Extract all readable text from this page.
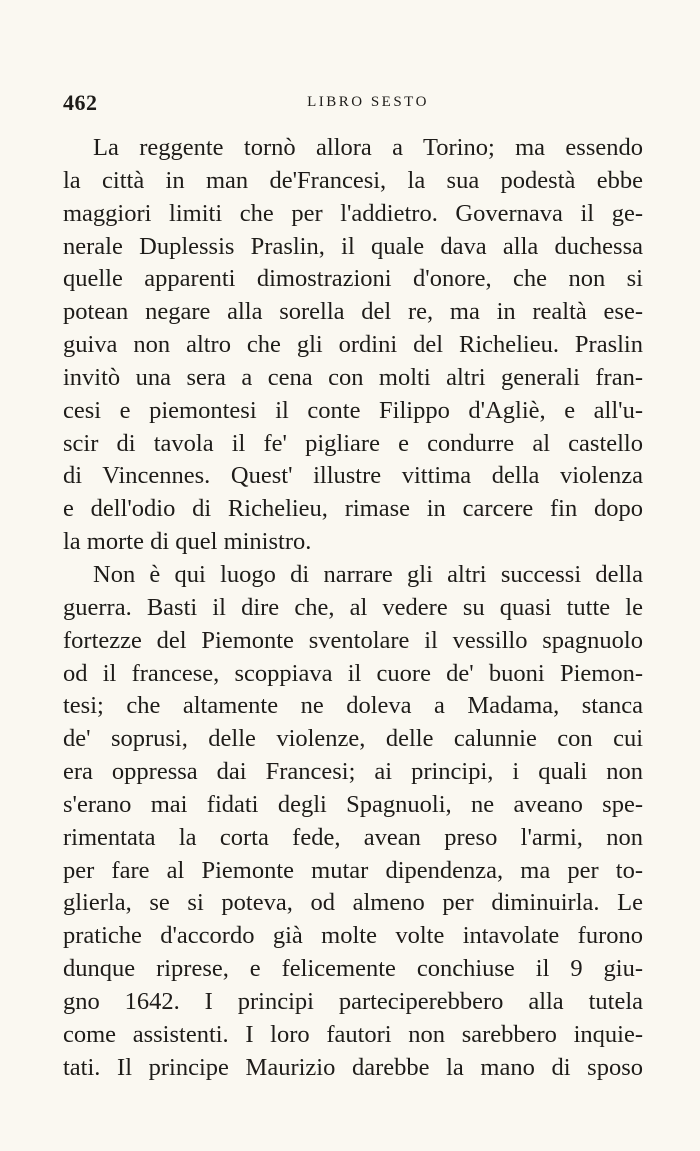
462	LIBRO SESTO
La reggente tornò allora a Torino; ma essendo
la città in man de'Francesi, la sua podestà ebbe
maggiori limiti che per l'addietro. Governava il ge-
nerale Duplessis Praslin, il quale dava alla duchessa
quelle apparenti dimostrazioni d'onore, che non si
potean negare alla sorella del re, ma in realtà ese-
guiva non altro che gli ordini del Richelieu. Praslin
invitò una sera a cena con molti altri generali fran-
cesi e piemontesi il conte Filippo d'Agliè, e all'u-
scir di tavola il fe' pigliare e condurre al castello
di Vincennes. Quest' illustre vittima della violenza
e dell'odio di Richelieu, rimase in carcere fin dopo
la morte di quel ministro.
Non è qui luogo di narrare gli altri successi della
guerra. Basti il dire che, al vedere su quasi tutte le
fortezze del Piemonte sventolare il vessillo spagnuolo
od il francese, scoppiava il cuore de' buoni Piemon-
tesi; che altamente ne doleva a Madama, stanca
de' soprusi, delle violenze, delle calunnie con cui
era oppressa dai Francesi; ai principi, i quali non
s'erano mai fidati degli Spagnuoli, ne aveano spe-
rimentata la corta fede, avean preso l'armi, non
per fare al Piemonte mutar dipendenza, ma per to-
glierla, se si poteva, od almeno per diminuirla. Le
pratiche d'accordo già molte volte intavolate furono
dunque riprese, e felicemente conchiuse il 9 giu-
gno 1642. I principi parteciperebbero alla tutela
come assistenti. I loro fautori non sarebbero inquie-
tati. Il principe Maurizio darebbe la mano di sposo
